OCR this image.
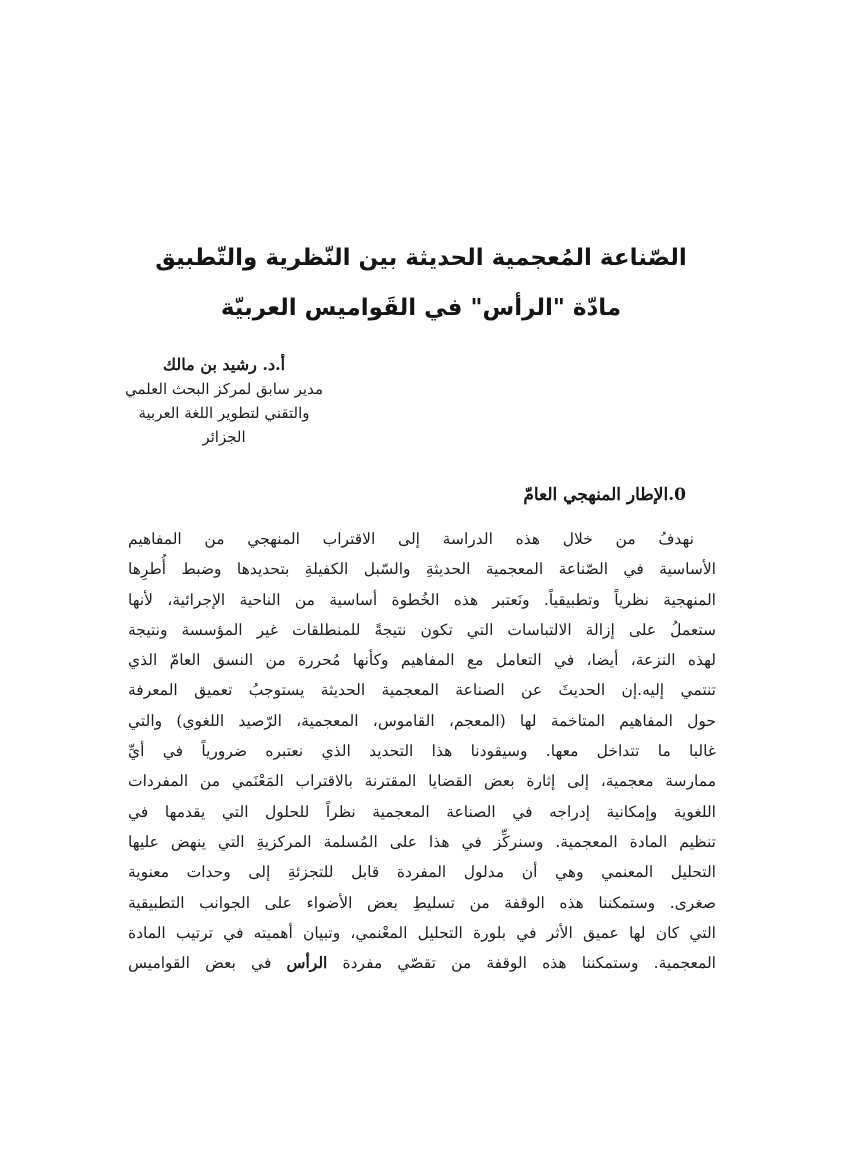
الصّناعة المُعجمية الحديثة بين النّظرية والتّطبيق
مادّة "الرأس" في القَواميس العربيّة
أ.د. رشيد بن مالك
مدير سابق لمركز البحث العلمي
والتقني لتطوير اللغة العربية
الجزائر
0.الإطار المنهجي العامّ
نهدفُ من خلال هذه الدراسة إلى الاقتراب المنهجي من المفاهيم
الأساسية في الصّناعة المعجمية الحديثةِ والسّبل الكفيلةِ بتحديدها وضبط أُطرِها
المنهجية نظرياً وتطبيقياً. ونَعتبر هذه الخُطوة أساسية من الناحية الإجرائية، لأنها
ستعملُ على إزالة الالتباسات التي تكون نتيجةً للمنطلقات غير المؤسسة ونتيجة
لهذه النزعة، أيضا، في التعامل مع المفاهيم وكأنها مُحررة من النسق العامّ الذي
تنتمي إليه.إن الحديثَ عن الصناعة المعجمية الحديثة يستوجبُ تعميق المعرفة
حول المفاهيم المتاخمة لها (المعجم، القاموس، المعجمية، الرّصيد اللغوي) والتي
غالبا ما تتداخل معها. وسيقودنا هذا التحديد الذي نعتبره ضرورياً في أيِّ
ممارسة معجمية، إلى إثارة بعض القضايا المقترنة بالاقتراب المَعْنَمي من المفردات
اللغوية وإمكانية إدراجه في الصناعة المعجمية نظراً للحلول التي يقدمها في
تنظيم المادة المعجمية. وسنركِّز في هذا على المُسلمة المركزيةِ التي ينهض عليها
التحليل المعنمي وهي أن مدلول المفردة قابل للتجزئةِ إلى وحدات معنوية
صغرى. وستمكننا هذه الوقفة من تسليطِ بعض الأضواء على الجوانب التطبيقية
التي كان لها عميق الأثر في بلورة التحليل المعْنمي، وتبيان أهميته في ترتيب المادة
المعجمية. وستمكننا هذه الوقفة من تقصّي مفردة الرأس في بعض القواميس
